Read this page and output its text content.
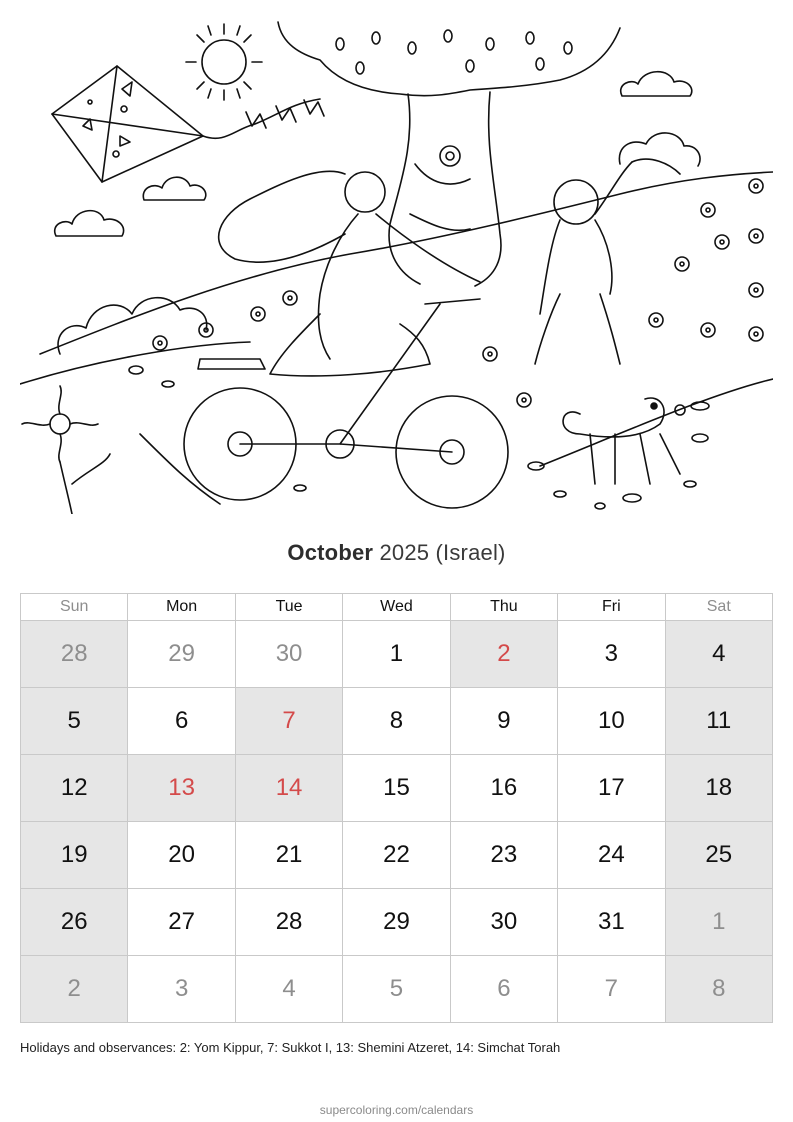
October 2025 (Israel)
Sun	Mon	Tue	Wed	Thu	Fri	Sat
28	29	30	1	2	3	4
5	6	7	8	9	10	11
12	13	14	15	16	17	18
19	20	21	22	23	24	25
26	27	28	29	30	31	1
2	3	4	5	6	7	8
Holidays and observances: 2: Yom Kippur, 7: Sukkot I, 13: Shemini Atzeret, 14: Simchat Torah
supercoloring.com/calendars
